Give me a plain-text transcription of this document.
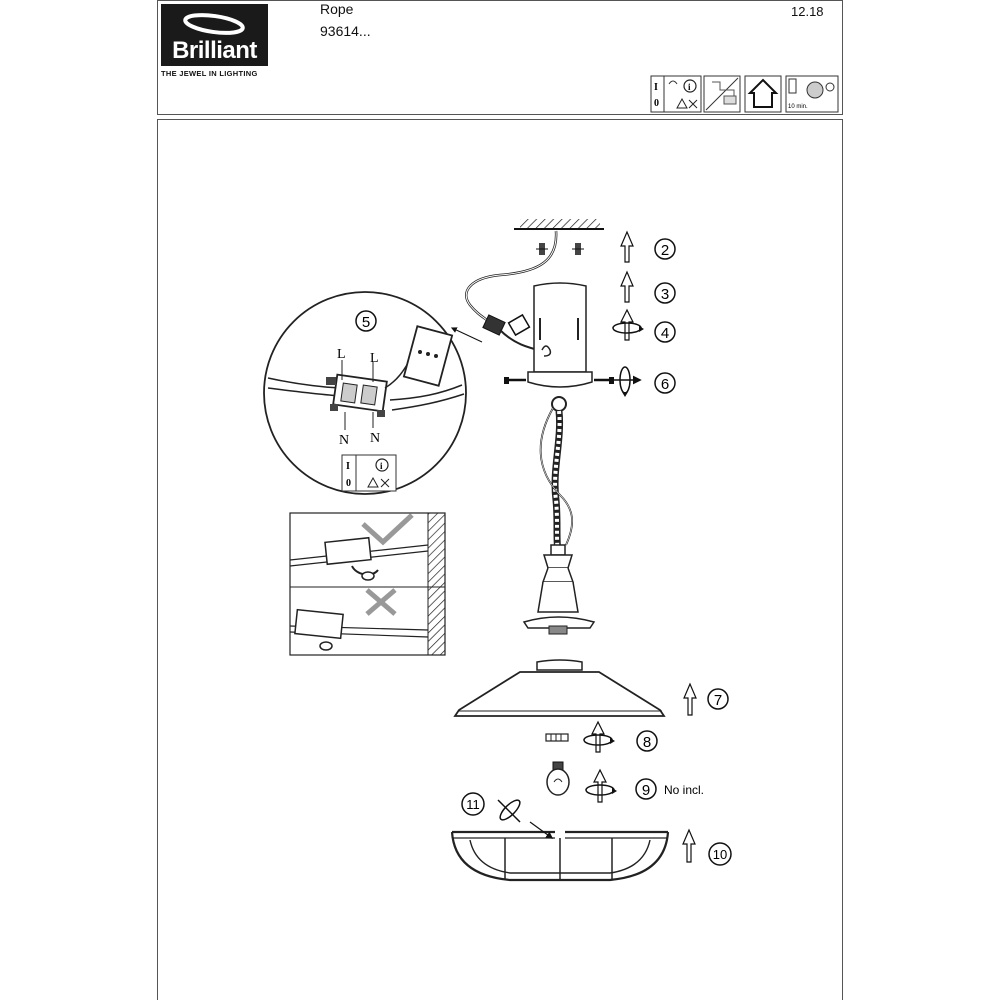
Brilliant
THE JEWEL IN LIGHTING
Rope
93614...
12.18
I
0
i
10 min.
L L
N N
I
0
i
2
3
4
5
6
7
8
9 No incl.
10
11
